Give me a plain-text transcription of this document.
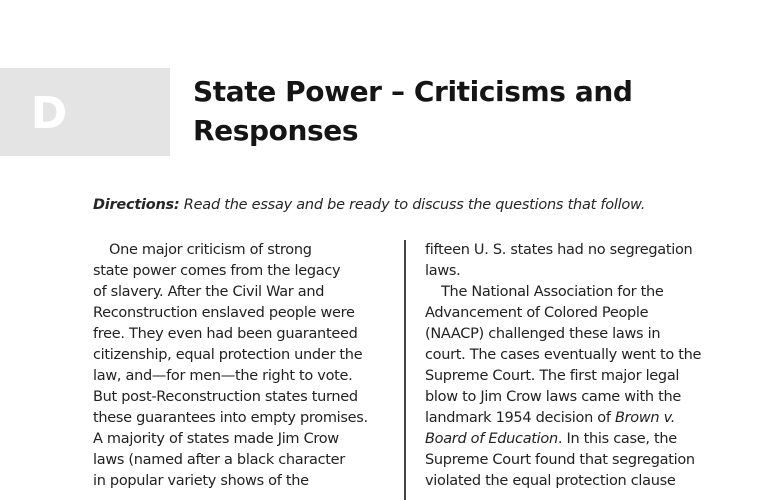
D	State Power – Criticisms and
Responses

Directions: Read the essay and be ready to discuss the questions that follow.

One major criticism of strong
state power comes from the legacy
of slavery. After the Civil War and
Reconstruction enslaved people were
free. They even had been guaranteed
citizenship, equal protection under the
law, and—for men—the right to vote.
But post-Reconstruction states turned
these guarantees into empty promises.
A majority of states made Jim Crow
laws (named after a black character
in popular variety shows of the
fifteen U. S. states had no segregation
laws.
The National Association for the
Advancement of Colored People
(NAACP) challenged these laws in
court. The cases eventually went to the
Supreme Court. The first major legal
blow to Jim Crow laws came with the
landmark 1954 decision of Brown v.
Board of Education. In this case, the
Supreme Court found that segregation
violated the equal protection clause
